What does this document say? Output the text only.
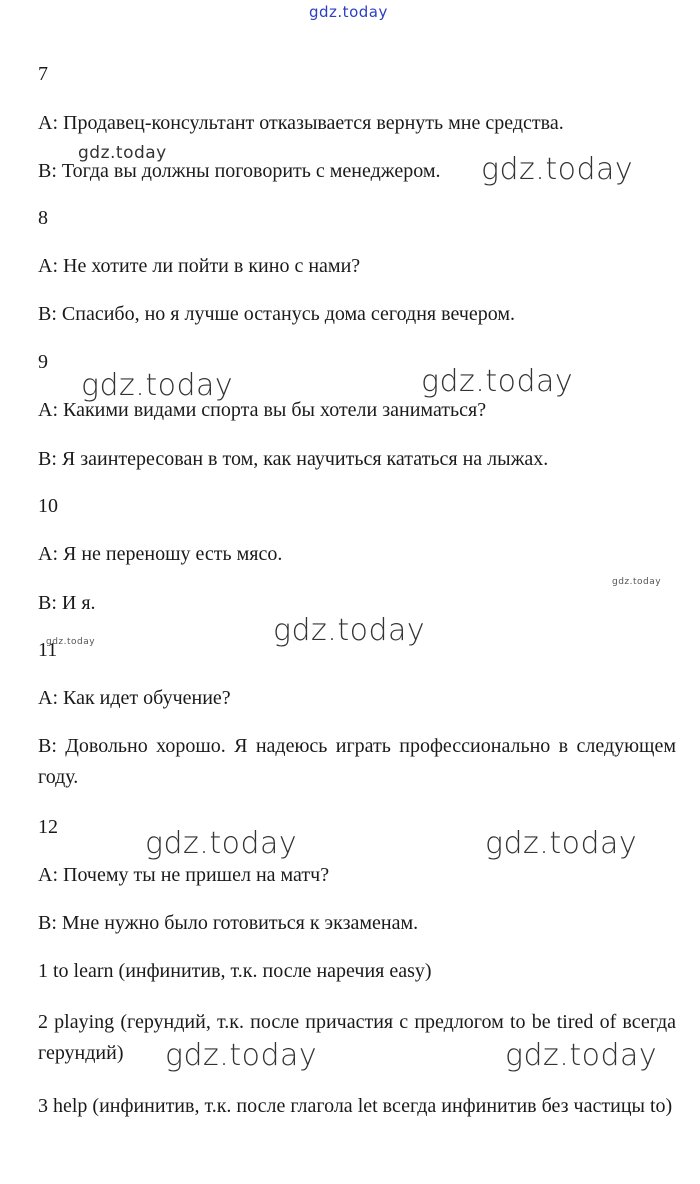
7
А: Продавец-консультант отказывается вернуть мне средства.
В: Тогда вы должны поговорить с менеджером.
8
А: Не хотите ли пойти в кино с нами?
В: Спасибо, но я лучше останусь дома сегодня вечером.
9
А: Какими видами спорта вы бы хотели заниматься?
В: Я заинтересован в том, как научиться кататься на лыжах.
10
А: Я не переношу есть мясо.
В: И я.
11
А: Как идет обучение?
В: Довольно хорошо. Я надеюсь играть профессионально в следующем году.
12
А: Почему ты не пришел на матч?
В: Мне нужно было готовиться к экзаменам.
1 to learn (инфинитив, т.к. после наречия easy)
2 playing (герундий, т.к. после причастия с предлогом to be tired of всегда герундий)
3 help (инфинитив, т.к. после глагола let всегда инфинитив без частицы to)
gdz.today
gdz.today	gdz.today
gdz.today	gdz.today
gdz.today
gdz.today
gdz.today
gdz.today	gdz.today
gdz.today
gdz.today
